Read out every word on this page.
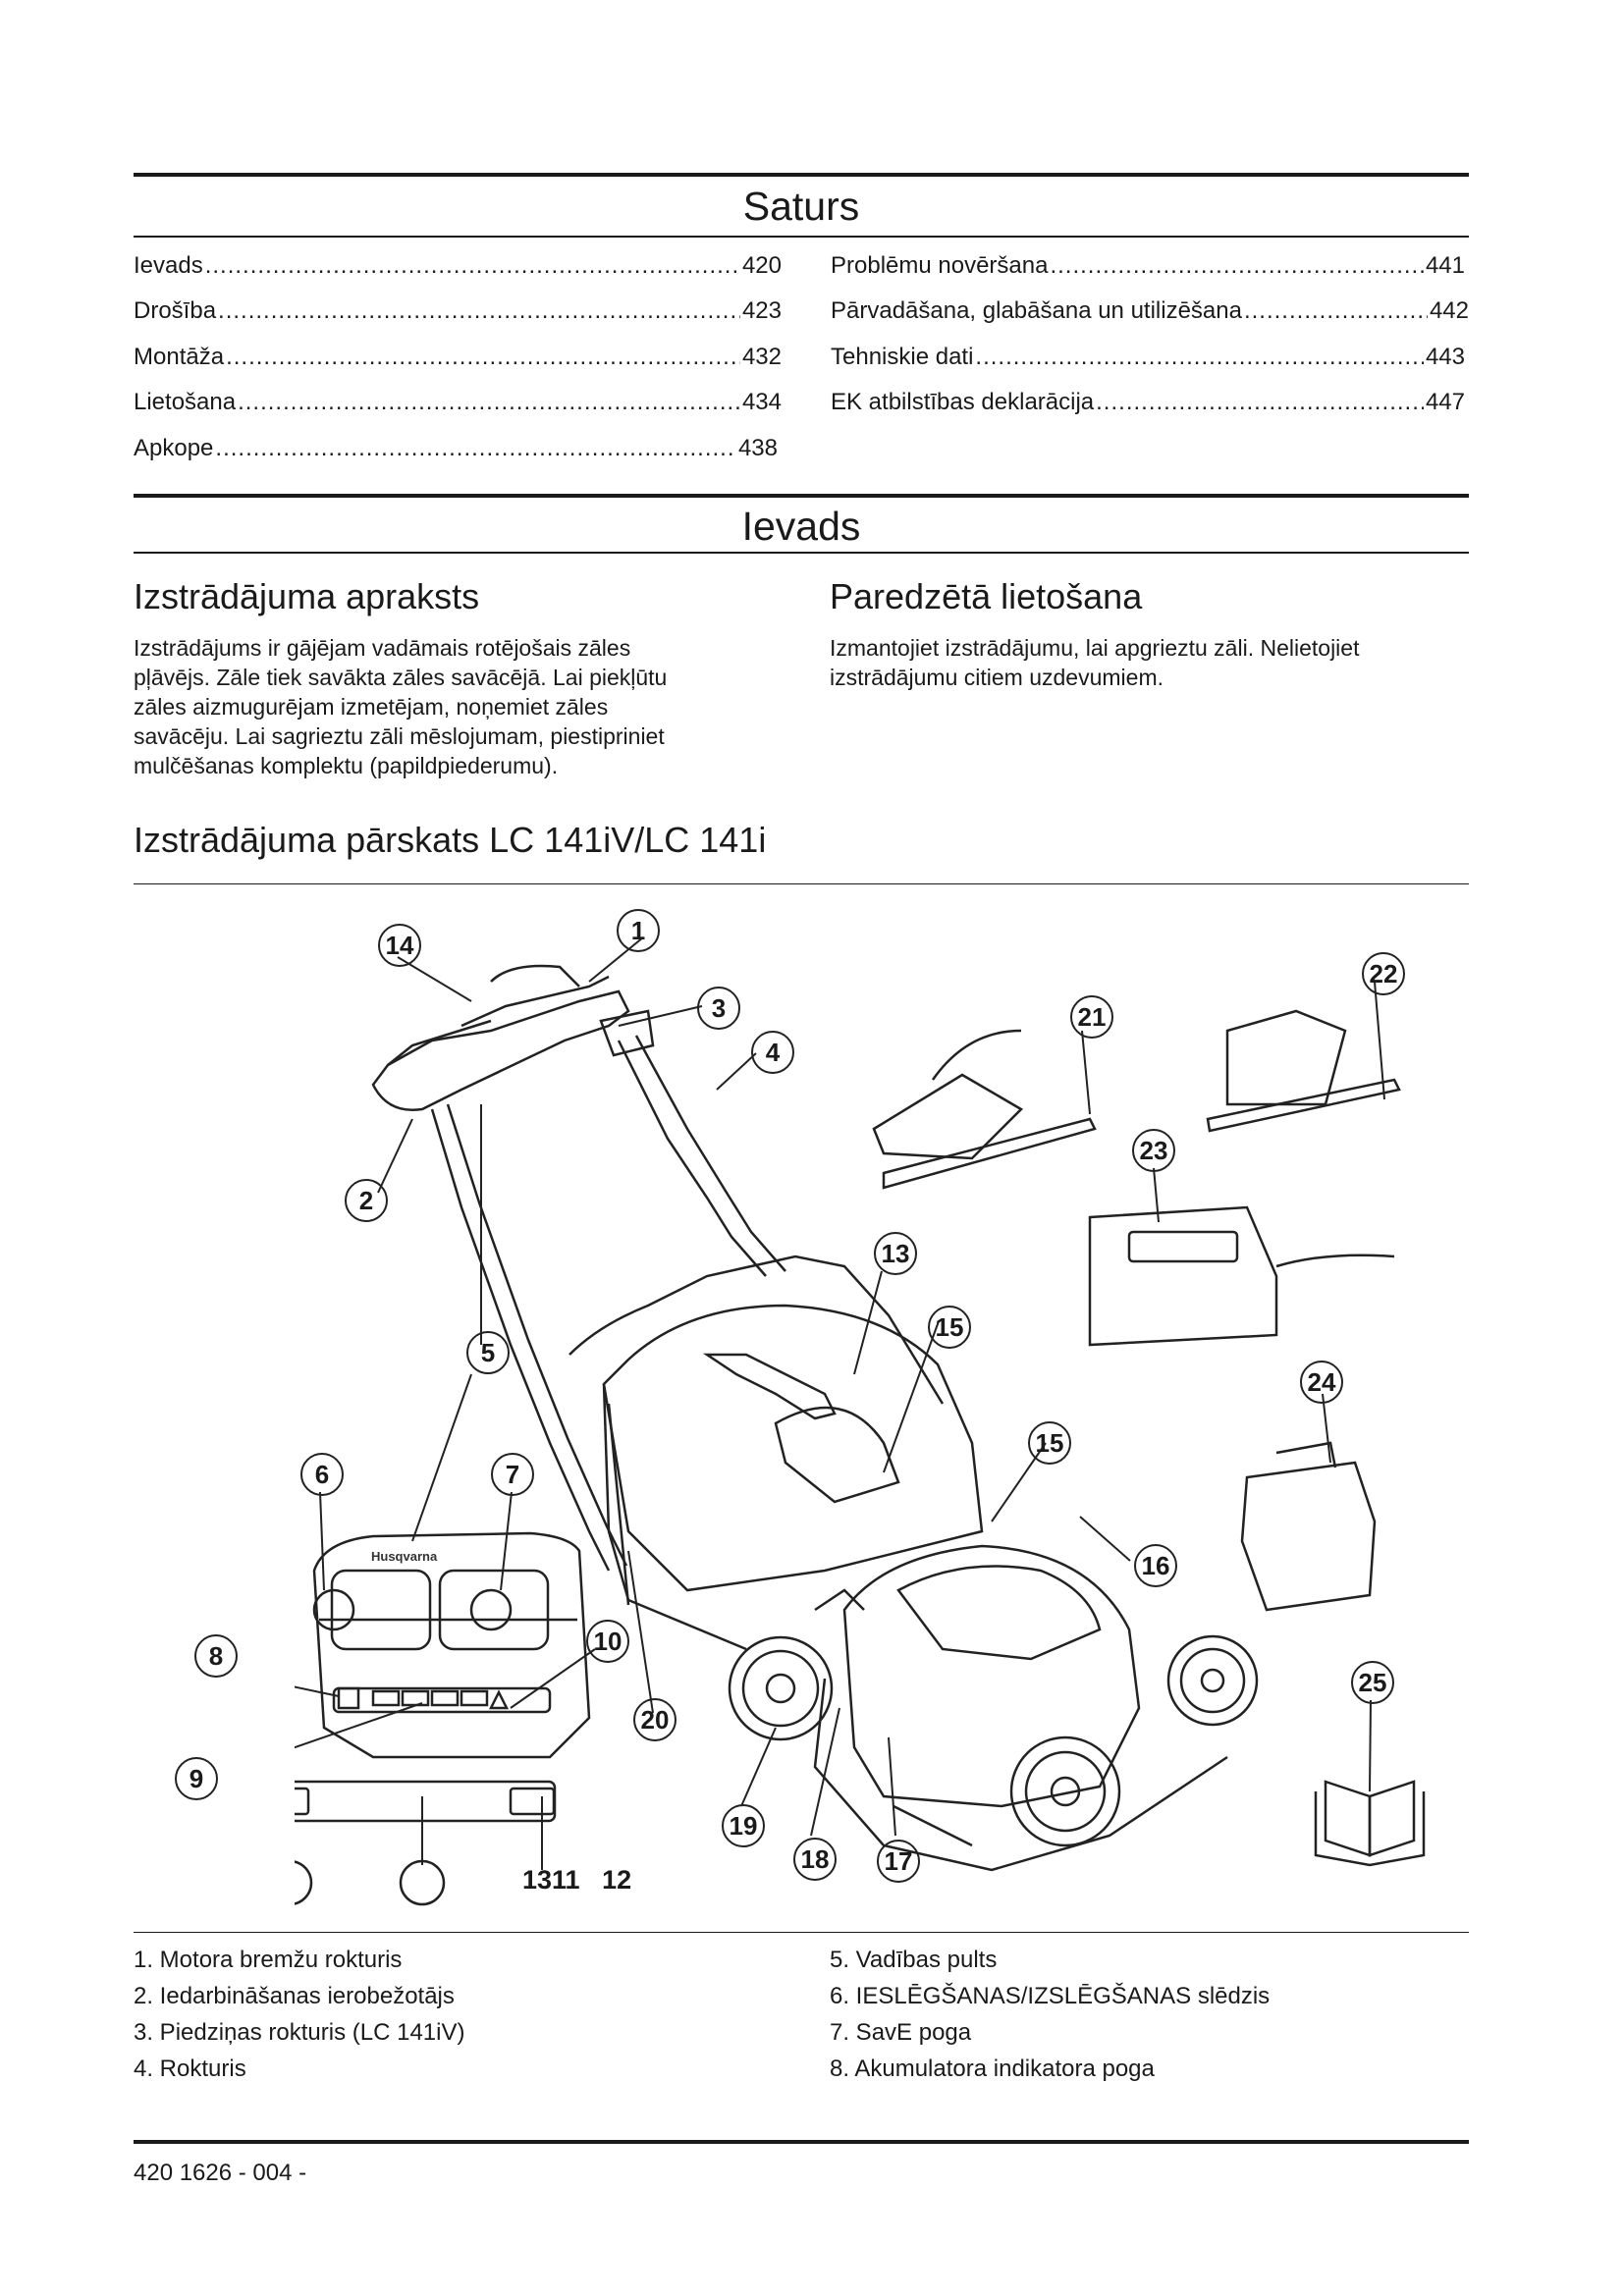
Saturs
Ievads .....	420
Drošība .....	423
Montāža .....	432
Lietošana .....	434
Apkope .....	438
Problēmu novēršana .....	441
Pārvadāšana, glabāšana un utilizēšana .....	442
Tehniskie dati .....	443
EK atbilstības deklarācija .....	447
Ievads
Izstrādājuma apraksts
Izstrādājums ir gājējam vadāmais rotējošais zāles
pļāvējs. Zāle tiek savākta zāles savācējā. Lai piekļūtu
zāles aizmugurējam izmetējam, noņemiet zāles
savācēju. Lai sagrieztu zāli mēslojumam, piestipriniet
mulčēšanas komplektu (papildpiederumu).
Paredzētā lietošana
Izmantojiet izstrādājumu, lai apgrieztu zāli. Nelietojiet
izstrādājumu citiem uzdevumiem.
Izstrādājuma pārskats LC 141iV/LC 141i
1
14
3
4
2
5
6	7
8	10
9
20
13
15
15
16
19
18 17
21
22
23
24
25
1311   12
Husqvarna
1. Motora bremžu rokturis
2. Iedarbināšanas ierobežotājs
3. Piedziņas rokturis (LC 141iV)
4. Rokturis
5. Vadības pults
6. IESLĒGŠANAS/IZSLĒGŠANAS slēdzis
7. SavE poga
8. Akumulatora indikatora poga
420 1626 - 004 -
